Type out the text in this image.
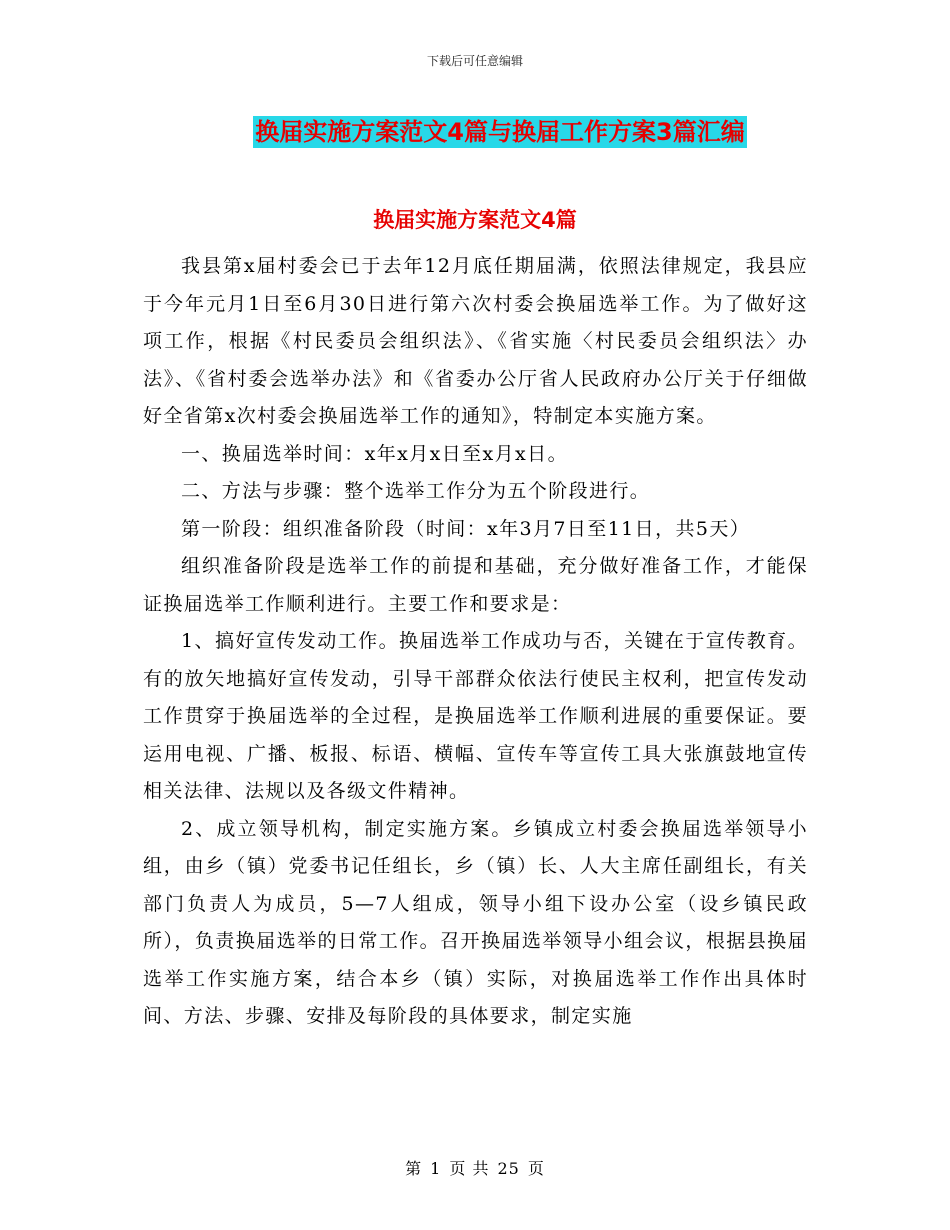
下载后可任意编辑
换届实施方案范文4篇与换届工作方案3篇汇编
换届实施方案范文4篇

我县第x届村委会已于去年12月底任期届满，依照法律规定，我县应于今年元月1日至6月30日进行第六次村委会换届选举工作。为了做好这项工作，根据《村民委员会组织法》、《省实施〈村民委员会组织法〉办法》、《省村委会选举办法》和《省委办公厅省人民政府办公厅关于仔细做好全省第x次村委会换届选举工作的通知》，特制定本实施方案。

一、换届选举时间：x年x月x日至x月x日。

二、方法与步骤：整个选举工作分为五个阶段进行。

第一阶段：组织准备阶段（时间：x年3月7日至11日，共5天）

组织准备阶段是选举工作的前提和基础，充分做好准备工作，才能保证换届选举工作顺利进行。主要工作和要求是：

1、搞好宣传发动工作。换届选举工作成功与否，关键在于宣传教育。有的放矢地搞好宣传发动，引导干部群众依法行使民主权利，把宣传发动工作贯穿于换届选举的全过程，是换届选举工作顺利进展的重要保证。要运用电视、广播、板报、标语、横幅、宣传车等宣传工具大张旗鼓地宣传相关法律、法规以及各级文件精神。

2、成立领导机构，制定实施方案。乡镇成立村委会换届选举领导小组，由乡（镇）党委书记任组长，乡（镇）长、人大主席任副组长，有关部门负责人为成员，5—7人组成，领导小组下设办公室（设乡镇民政所），负责换届选举的日常工作。召开换届选举领导小组会议，根据县换届选举工作实施方案，结合本乡（镇）实际，对换届选举工作作出具体时间、方法、步骤、安排及每阶段的具体要求，制定实施

第 1 页 共 25 页
